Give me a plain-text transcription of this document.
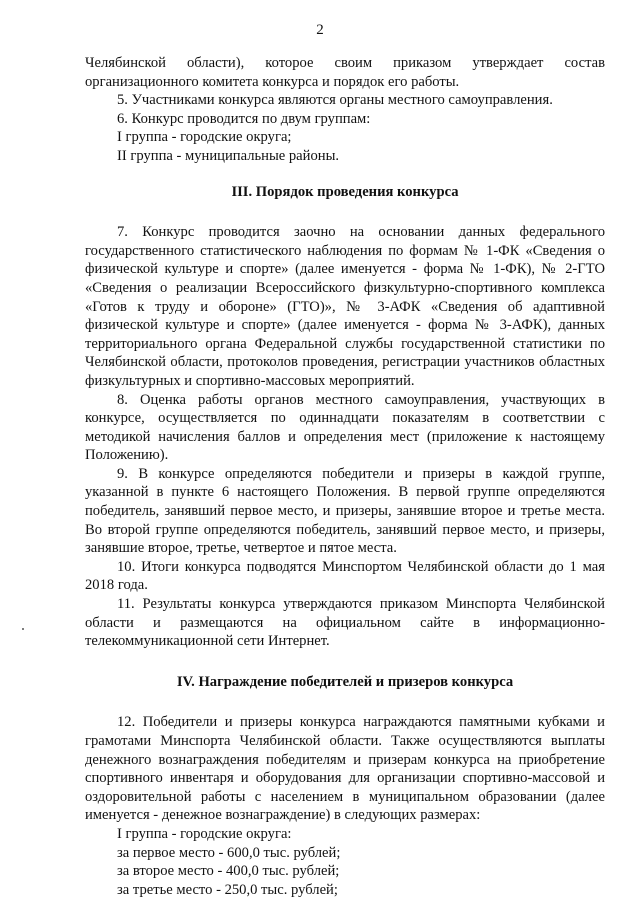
2

Челябинской области), которое своим приказом утверждает состав организационного комитета конкурса и порядок его работы.

5. Участниками конкурса являются органы местного самоуправления.

6. Конкурс проводится по двум группам:

I группа - городские округа;

II группа - муниципальные районы.

III. Порядок проведения конкурса

7. Конкурс проводится заочно на основании данных федерального государственного статистического наблюдения по формам № 1-ФК «Сведения о физической культуре и спорте» (далее именуется - форма № 1-ФК), № 2-ГТО «Сведения о реализации Всероссийского физкультурно-спортивного комплекса «Готов к труду и обороне» (ГТО)», № 3-АФК «Сведения об адаптивной физической культуре и спорте» (далее именуется - форма № 3-АФК), данных территориального органа Федеральной службы государственной статистики по Челябинской области, протоколов проведения, регистрации участников областных физкультурных и спортивно-массовых мероприятий.

8. Оценка работы органов местного самоуправления, участвующих в конкурсе, осуществляется по одиннадцати показателям в соответствии с методикой начисления баллов и определения мест (приложение к настоящему Положению).

9. В конкурсе определяются победители и призеры в каждой группе, указанной в пункте 6 настоящего Положения. В первой группе определяются победитель, занявший первое место, и призеры, занявшие второе и третье места. Во второй группе определяются победитель, занявший первое место, и призеры, занявшие второе, третье, четвертое и пятое места.

10. Итоги конкурса подводятся Минспортом Челябинской области до 1 мая 2018 года.

11. Результаты конкурса утверждаются приказом Минспорта Челябинской области и размещаются на официальном сайте в информационно-телекоммуникационной сети Интернет.

IV. Награждение победителей и призеров конкурса

12. Победители и призеры конкурса награждаются памятными кубками и грамотами Минспорта Челябинской области. Также осуществляются выплаты денежного вознаграждения победителям и призерам конкурса на приобретение спортивного инвентаря и оборудования для организации спортивно-массовой и оздоровительной работы с населением в муниципальном образовании (далее именуется - денежное вознаграждение) в следующих размерах:

I группа - городские округа:

за первое место - 600,0 тыс. рублей;

за второе место - 400,0 тыс. рублей;

за третье место - 250,0 тыс. рублей;
